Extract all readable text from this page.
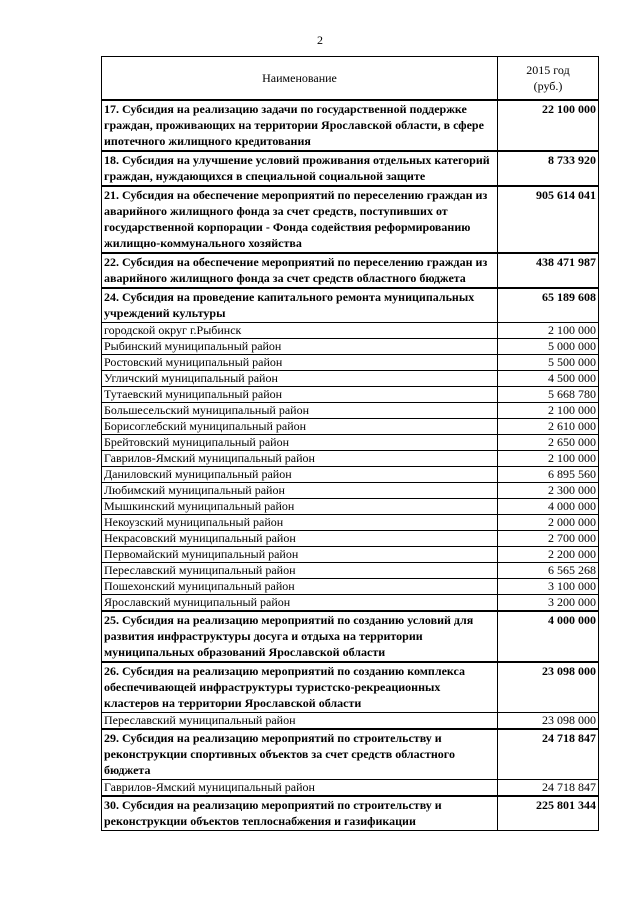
2
Наименование	2015 год
(руб.)
17. Субсидия на реализацию задачи по государственной поддержке граждан, проживающих на территории Ярославской области, в сфере ипотечного жилищного кредитования	22 100 000
18. Субсидия на улучшение условий проживания отдельных категорий граждан, нуждающихся в специальной социальной защите	8 733 920
21. Субсидия на обеспечение мероприятий по переселению граждан из аварийного жилищного фонда за счет средств, поступивших от государственной корпорации - Фонда содействия реформированию жилищно-коммунального хозяйства	905 614 041
22. Субсидия на обеспечение мероприятий по переселению граждан из аварийного жилищного фонда за счет средств областного бюджета	438 471 987
24. Субсидия на проведение капитального ремонта муниципальных учреждений культуры	65 189 608
городской округ г.Рыбинск	2 100 000
Рыбинский муниципальный район	5 000 000
Ростовский муниципальный район	5 500 000
Угличский муниципальный район	4 500 000
Тутаевский муниципальный район	5 668 780
Большесельский муниципальный район	2 100 000
Борисоглебский муниципальный район	2 610 000
Брейтовский муниципальный район	2 650 000
Гаврилов-Ямский муниципальный район	2 100 000
Даниловский муниципальный район	6 895 560
Любимский муниципальный район	2 300 000
Мышкинский муниципальный район	4 000 000
Некоузский муниципальный район	2 000 000
Некрасовский муниципальный район	2 700 000
Первомайский муниципальный район	2 200 000
Переславский муниципальный район	6 565 268
Пошехонский муниципальный район	3 100 000
Ярославский муниципальный район	3 200 000
25. Субсидия на реализацию мероприятий по созданию условий для развития инфраструктуры досуга и отдыха на территории муниципальных образований Ярославской области	4 000 000
26. Субсидия на реализацию мероприятий по созданию комплекса обеспечивающей инфраструктуры туристско-рекреационных кластеров на территории Ярославской области	23 098 000
Переславский муниципальный район	23 098 000
29. Субсидия на реализацию мероприятий по строительству и реконструкции спортивных объектов за счет средств областного бюджета	24 718 847
Гаврилов-Ямский муниципальный район	24 718 847
30. Субсидия на реализацию мероприятий по строительству и реконструкции объектов теплоснабжения и газификации	225 801 344
